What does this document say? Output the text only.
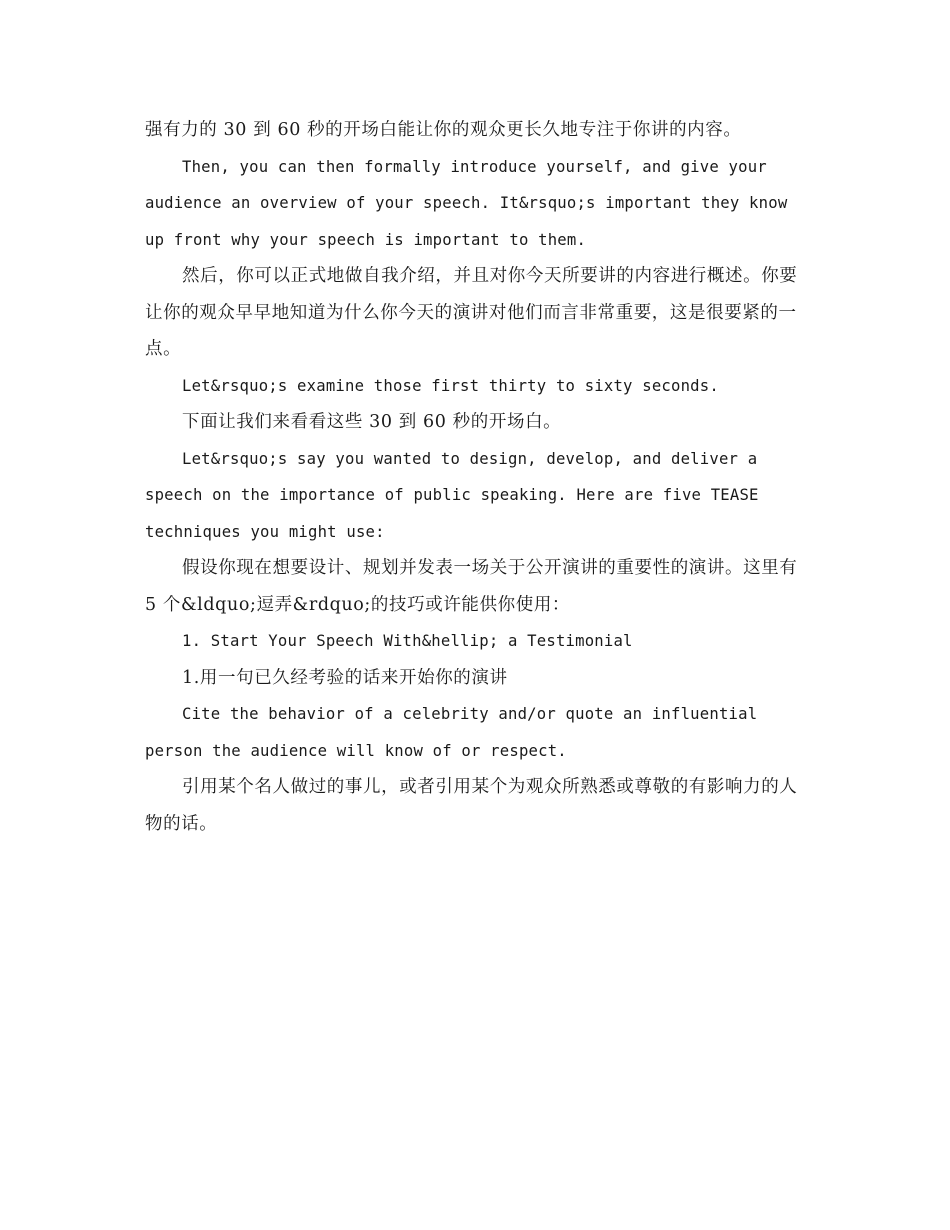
强有力的 30 到 60 秒的开场白能让你的观众更长久地专注于你讲的内容。

Then, you can then formally introduce yourself, and give your audience an overview of your speech. It&rsquo;s important they know up front why your speech is important to them.

然后，你可以正式地做自我介绍，并且对你今天所要讲的内容进行概述。你要让你的观众早早地知道为什么你今天的演讲对他们而言非常重要，这是很要紧的一点。

Let&rsquo;s examine those first thirty to sixty seconds.

下面让我们来看看这些 30 到 60 秒的开场白。

Let&rsquo;s say you wanted to design, develop, and deliver a speech on the importance of public speaking. Here are five TEASE techniques you might use:

假设你现在想要设计、规划并发表一场关于公开演讲的重要性的演讲。这里有 5 个&ldquo;逗弄&rdquo;的技巧或许能供你使用：

1. Start Your Speech With&hellip; a Testimonial

1.用一句已久经考验的话来开始你的演讲

Cite the behavior of a celebrity and/or quote an influential person the audience will know of or respect.

引用某个名人做过的事儿，或者引用某个为观众所熟悉或尊敬的有影响力的人物的话。
